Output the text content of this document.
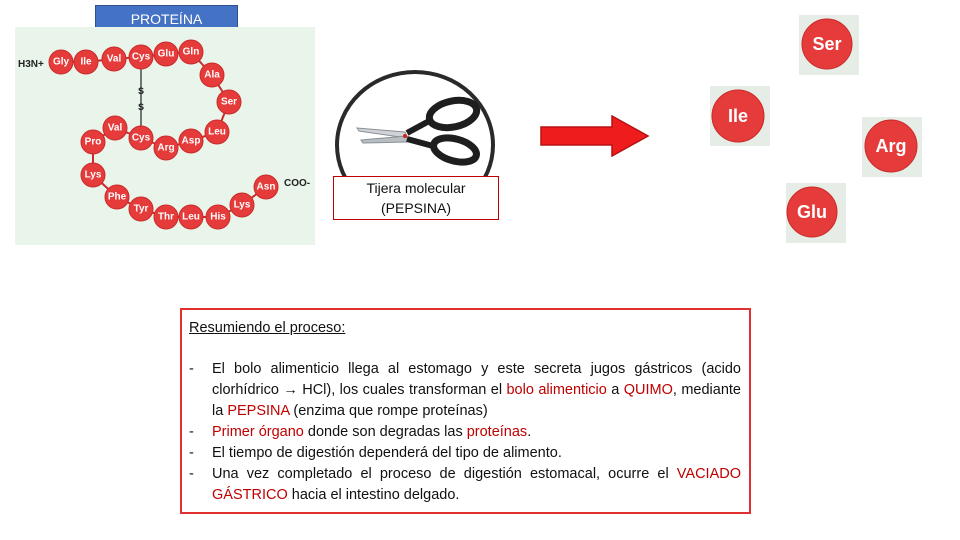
PROTEÍNA
H3N+
COO-
S
S
Gly Ile Val Cys Glu Gln
Ala
Ser
Leu
Asp
Arg
Cys
Val
Pro
Lys
Phe
Tyr
Thr Leu His
Lys
Asn	Tijera molecular
(PEPSINA)
Ser
Ile
Arg
Glu
Resumiendo el proceso:
- El bolo alimenticio llega al estomago y este secreta jugos gástricos (acido clorhídrico → HCl), los cuales transforman el bolo alimenticio a QUIMO, mediante la PEPSINA (enzima que rompe proteínas)
- Primer órgano donde son degradas las proteínas.
- El tiempo de digestión dependerá del tipo de alimento.
- Una vez completado el proceso de digestión estomacal, ocurre el VACIADO GÁSTRICO hacia el intestino delgado.
